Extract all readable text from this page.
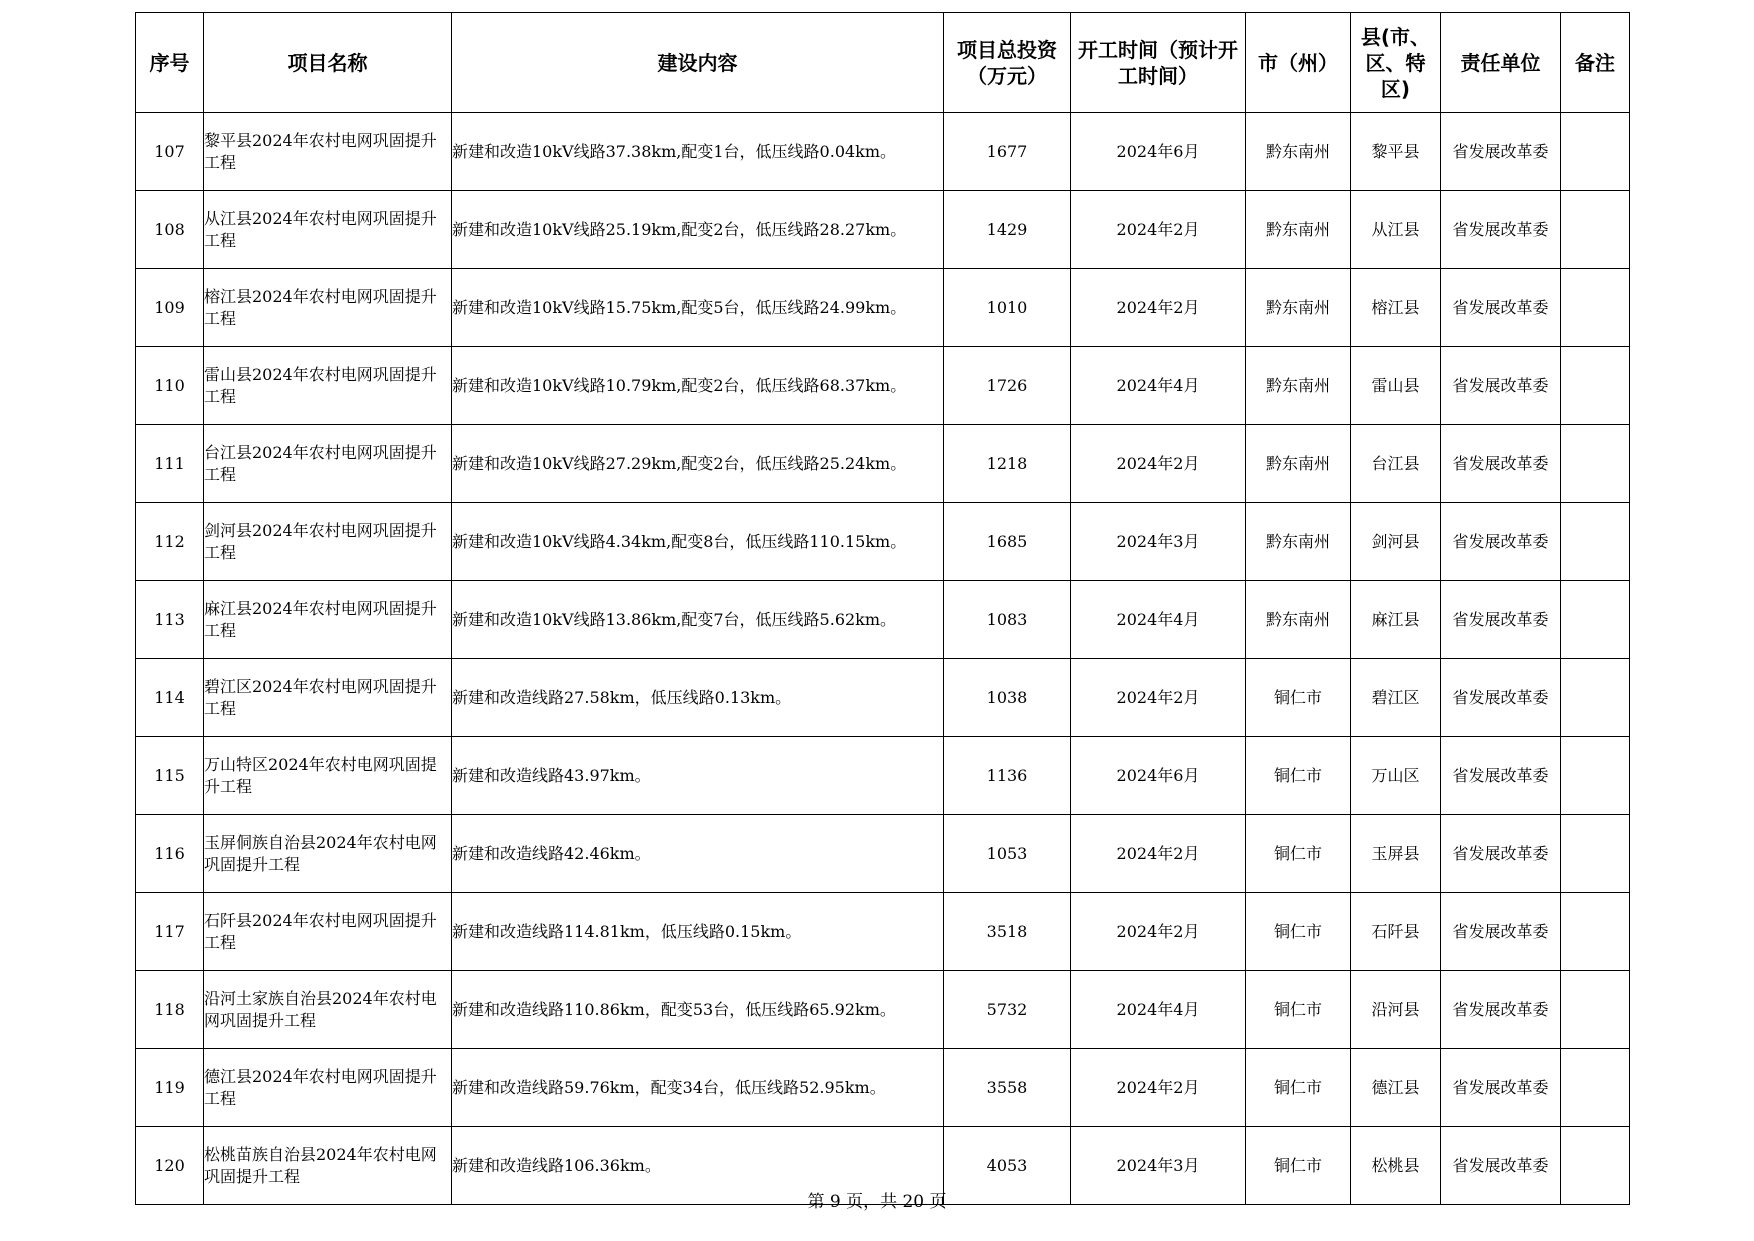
序号	项目名称	建设内容	项目总投资（万元）	开工时间（预计开工时间）	市（州）	县(市、区、特区)	责任单位	备注
107	黎平县2024年农村电网巩固提升工程	新建和改造10kV线路37.38km,配变1台，低压线路0.04km。	1677	2024年6月	黔东南州	黎平县	省发展改革委	
108	从江县2024年农村电网巩固提升工程	新建和改造10kV线路25.19km,配变2台，低压线路28.27km。	1429	2024年2月	黔东南州	从江县	省发展改革委	
109	榕江县2024年农村电网巩固提升工程	新建和改造10kV线路15.75km,配变5台，低压线路24.99km。	1010	2024年2月	黔东南州	榕江县	省发展改革委	
110	雷山县2024年农村电网巩固提升工程	新建和改造10kV线路10.79km,配变2台，低压线路68.37km。	1726	2024年4月	黔东南州	雷山县	省发展改革委	
111	台江县2024年农村电网巩固提升工程	新建和改造10kV线路27.29km,配变2台，低压线路25.24km。	1218	2024年2月	黔东南州	台江县	省发展改革委	
112	剑河县2024年农村电网巩固提升工程	新建和改造10kV线路4.34km,配变8台，低压线路110.15km。	1685	2024年3月	黔东南州	剑河县	省发展改革委	
113	麻江县2024年农村电网巩固提升工程	新建和改造10kV线路13.86km,配变7台，低压线路5.62km。	1083	2024年4月	黔东南州	麻江县	省发展改革委	
114	碧江区2024年农村电网巩固提升工程	新建和改造线路27.58km，低压线路0.13km。	1038	2024年2月	铜仁市	碧江区	省发展改革委	
115	万山特区2024年农村电网巩固提升工程	新建和改造线路43.97km。	1136	2024年6月	铜仁市	万山区	省发展改革委	
116	玉屏侗族自治县2024年农村电网巩固提升工程	新建和改造线路42.46km。	1053	2024年2月	铜仁市	玉屏县	省发展改革委	
117	石阡县2024年农村电网巩固提升工程	新建和改造线路114.81km，低压线路0.15km。	3518	2024年2月	铜仁市	石阡县	省发展改革委	
118	沿河土家族自治县2024年农村电网巩固提升工程	新建和改造线路110.86km，配变53台，低压线路65.92km。	5732	2024年4月	铜仁市	沿河县	省发展改革委	
119	德江县2024年农村电网巩固提升工程	新建和改造线路59.76km，配变34台，低压线路52.95km。	3558	2024年2月	铜仁市	德江县	省发展改革委	
120	松桃苗族自治县2024年农村电网巩固提升工程	新建和改造线路106.36km。	4053	2024年3月	铜仁市	松桃县	省发展改革委	
第 9 页，共 20 页
